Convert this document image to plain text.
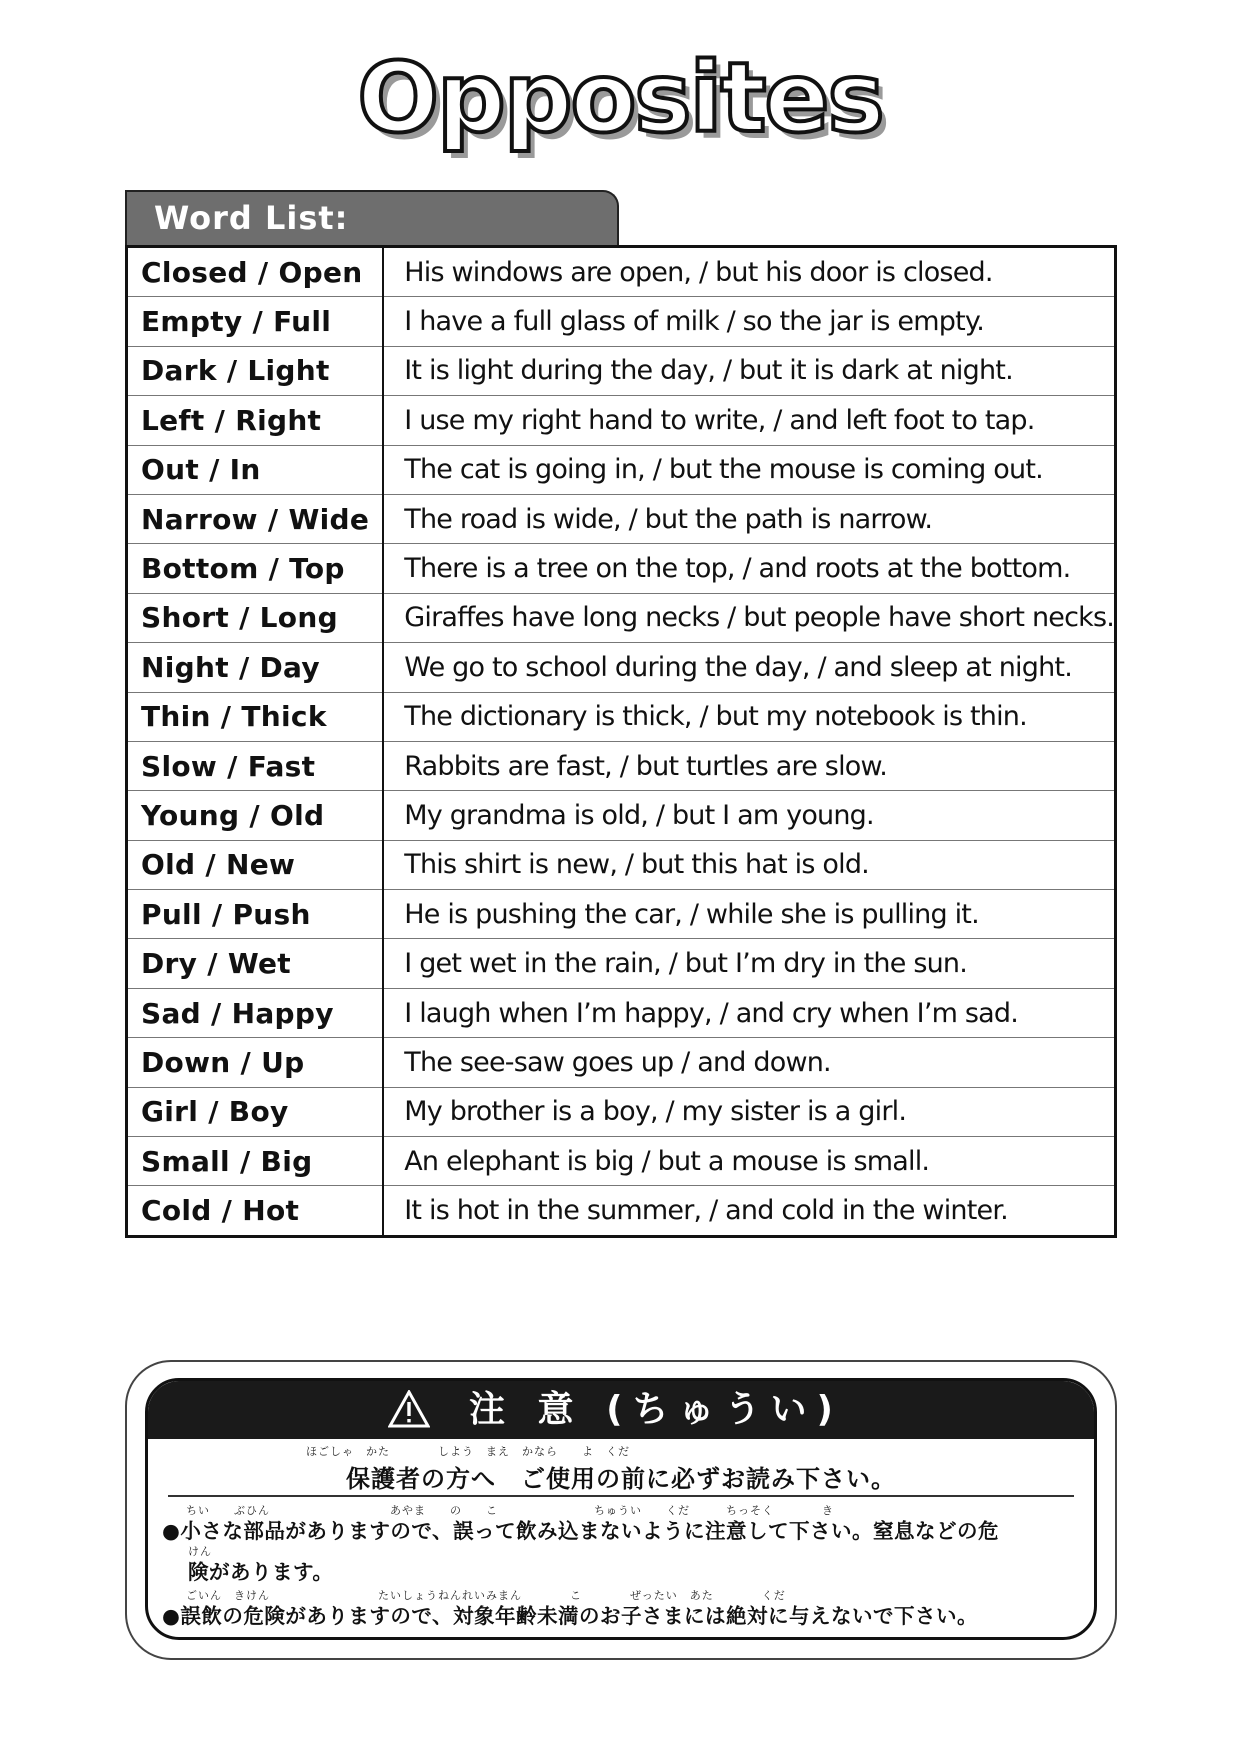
Opposites
Word List:
Closed / Open	His windows are open, / but his door is closed.
Empty / Full	I have a full glass of milk / so the jar is empty.
Dark / Light	It is light during the day, / but it is dark at night.
Left / Right	I use my right hand to write, / and left foot to tap.
Out / In	The cat is going in, / but the mouse is coming out.
Narrow / Wide	The road is wide, / but the path is narrow.
Bottom / Top	There is a tree on the top, / and roots at the bottom.
Short / Long	Giraffes have long necks / but people have short necks.
Night / Day	We go to school during the day, / and sleep at night.
Thin / Thick	The dictionary is thick, / but my notebook is thin.
Slow / Fast	Rabbits are fast, / but turtles are slow.
Young / Old	My grandma is old, / but I am young.
Old / New	This shirt is new, / but this hat is old.
Pull / Push	He is pushing the car, / while she is pulling it.
Dry / Wet	I get wet in the rain, / but I’m dry in the sun.
Sad / Happy	I laugh when I’m happy, / and cry when I’m sad.
Down / Up	The see-saw goes up / and down.
Girl / Boy	My brother is a boy, / my sister is a girl.
Small / Big	An elephant is big / but a mouse is small.
Cold / Hot	It is hot in the summer, / and cold in the winter.
注 意 (ちゅうい)
ほごしゃ　かた　　　　しよう　まえ　かなら　　よ　くだ
保護者の方へ　ご使用の前に必ずお読み下さい。
ちい　　ぶひん　　　　　　　　　　あやま　　の　　こ　　　　　　　　ちゅうい　　くだ　　　ちっそく　　　　き
●小さな部品がありますので、誤って飲み込まないように注意して下さい。窒息などの危
けん
険があります。
ごいん　きけん　　　　　　　　　たいしょうねんれいみまん　　　　こ　　　　ぜったい　あた　　　　くだ
●誤飲の危険がありますので、対象年齢未満のお子さまには絶対に与えないで下さい。
